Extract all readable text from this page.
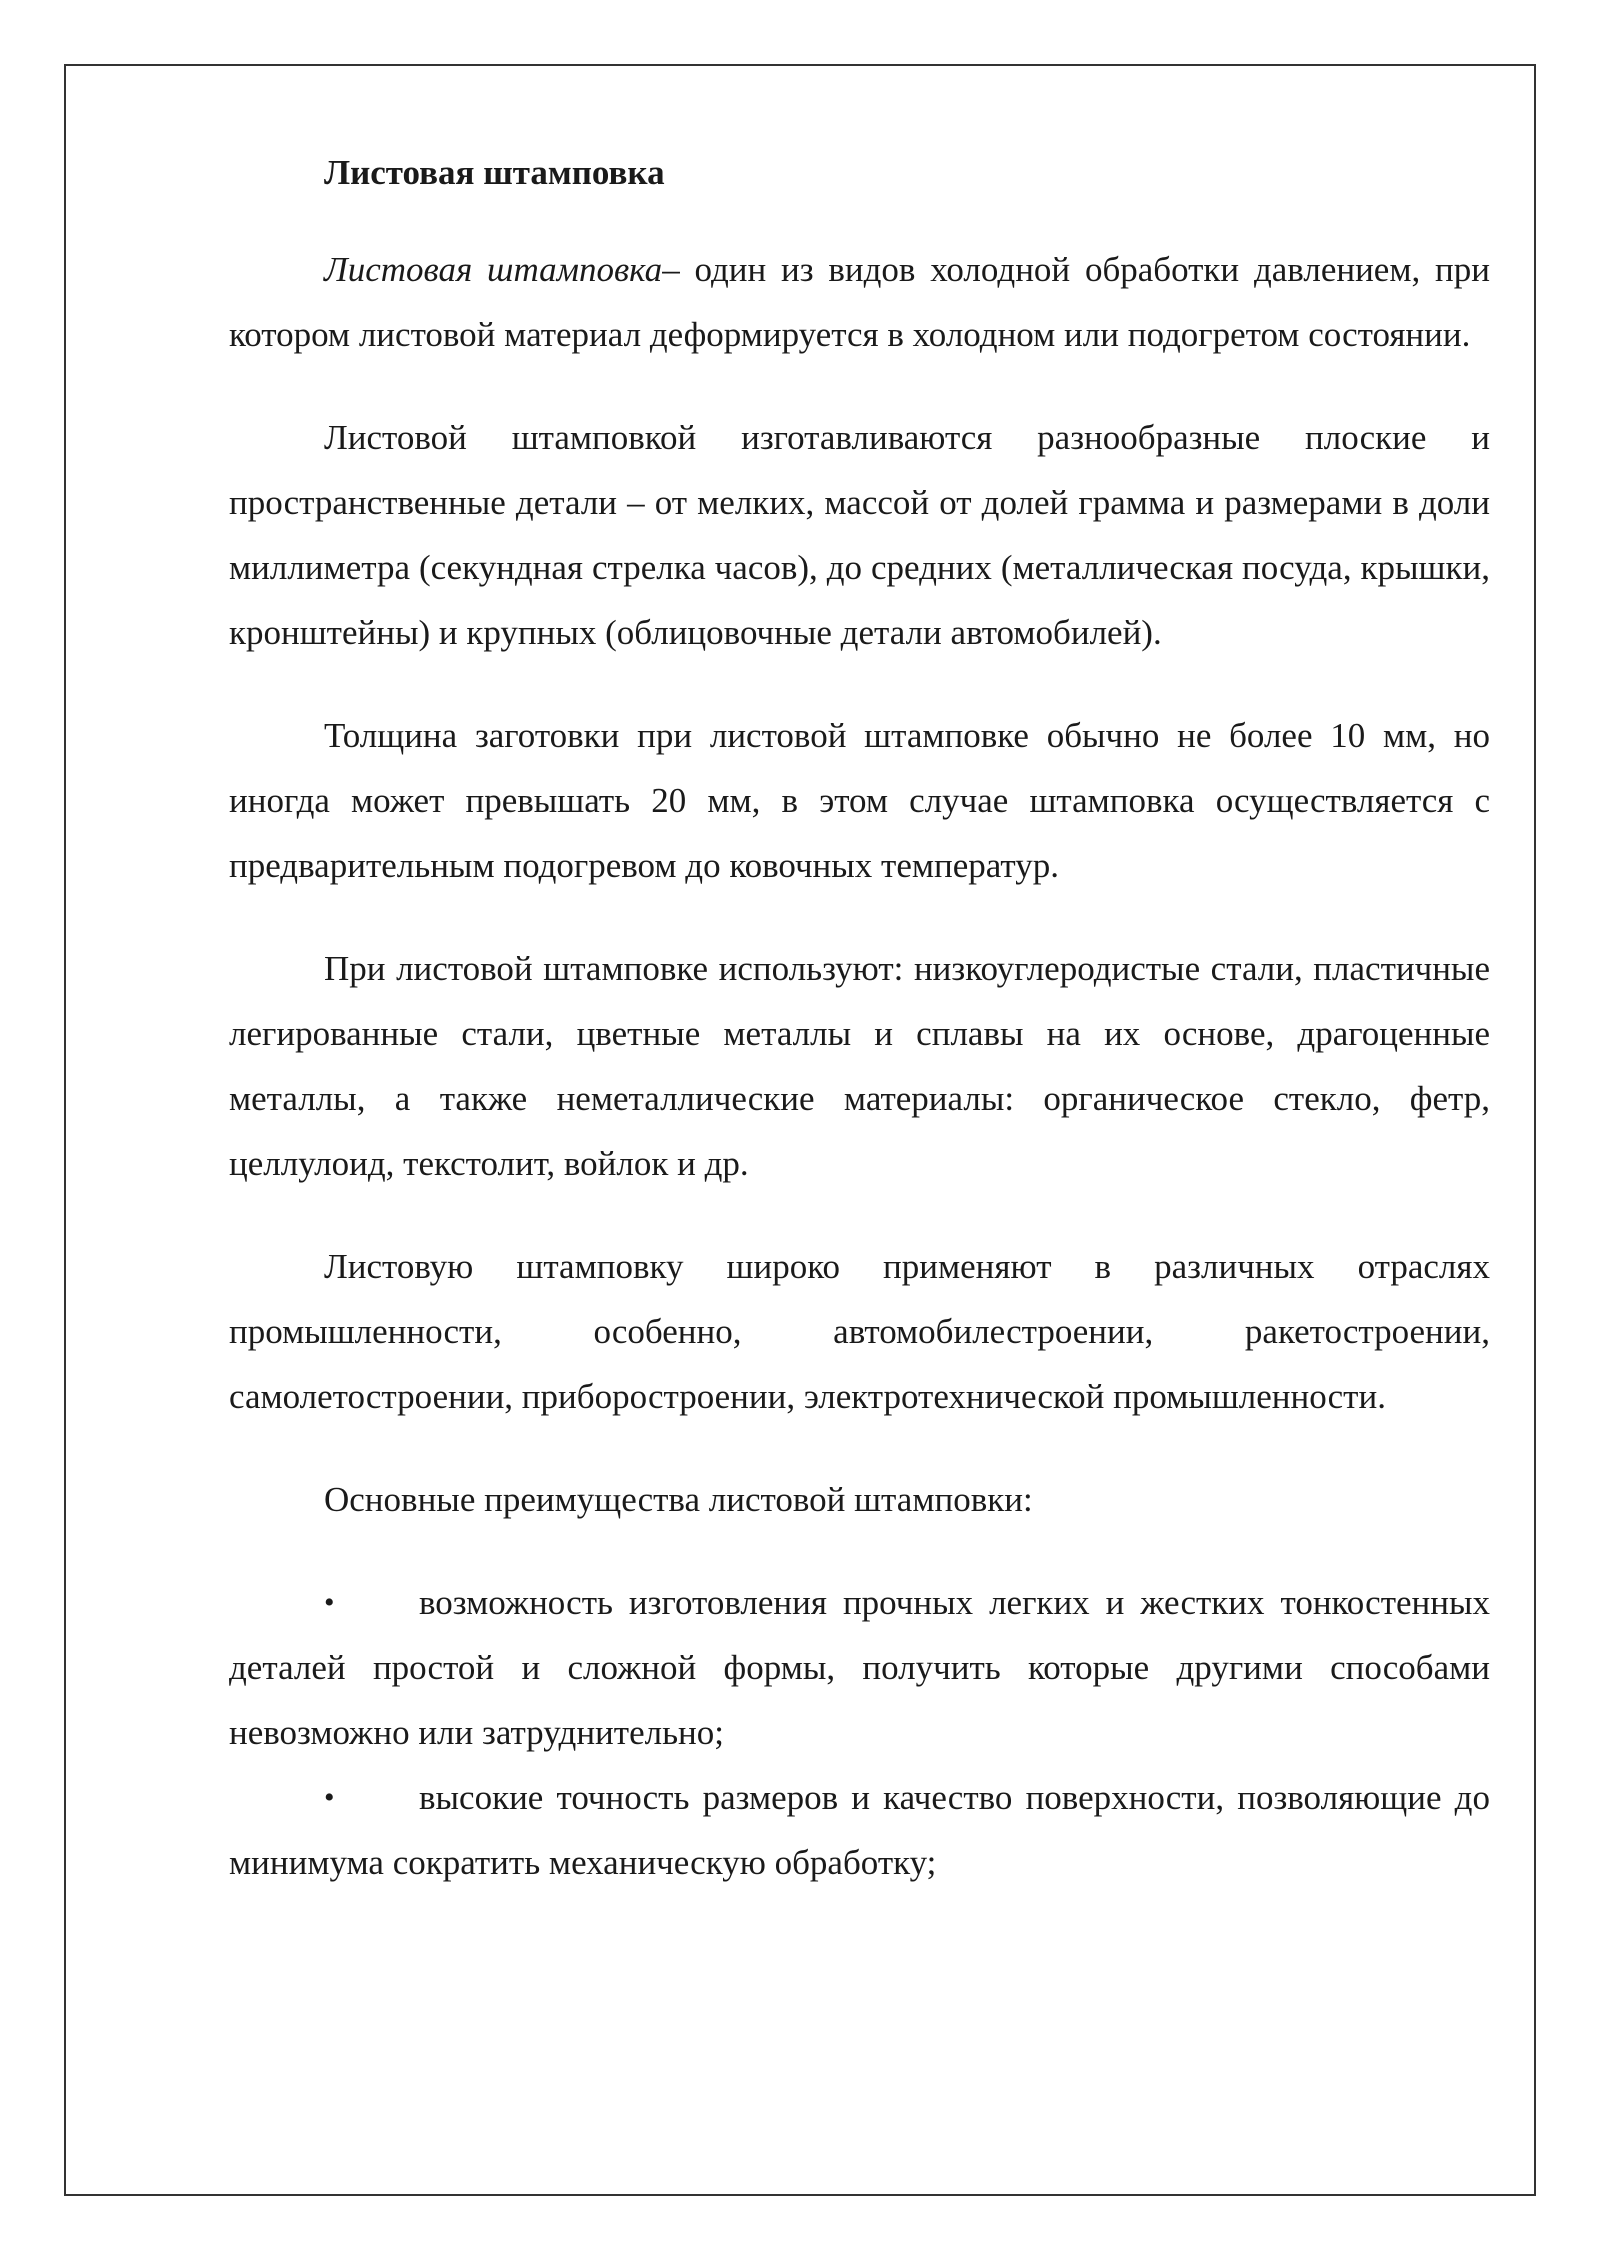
Листовая штамповка

Листовая штамповка– один из видов холодной обработки давлением, при котором листовой материал деформируется в холодном или подогретом состоянии.

Листовой штамповкой изготавливаются разнообразные плоские и пространственные детали – от мелких, массой от долей грамма и размерами в доли миллиметра (секундная стрелка часов), до средних (металлическая посуда, крышки, кронштейны) и крупных (облицовочные детали автомобилей).

Толщина заготовки при листовой штамповке обычно не более 10 мм, но иногда может превышать 20 мм, в этом случае штамповка осуществляется с предварительным подогревом до ковочных температур.

При листовой штамповке используют: низкоуглеродистые стали, пластичные легированные стали, цветные металлы и сплавы на их основе, драгоценные металлы, а также неметаллические материалы: органическое стекло, фетр, целлулоид, текстолит, войлок и др.

Листовую штамповку широко применяют в различных отраслях промышленности, особенно, автомобилестроении, ракетостроении, самолетостроении, приборостроении, электротехнической промышленности.

Основные преимущества листовой штамповки:

• возможность изготовления прочных легких и жестких тонкостенных деталей простой и сложной формы, получить которые другими способами невозможно или затруднительно;
• высокие точность размеров и качество поверхности, позволяющие до минимума сократить механическую обработку;
